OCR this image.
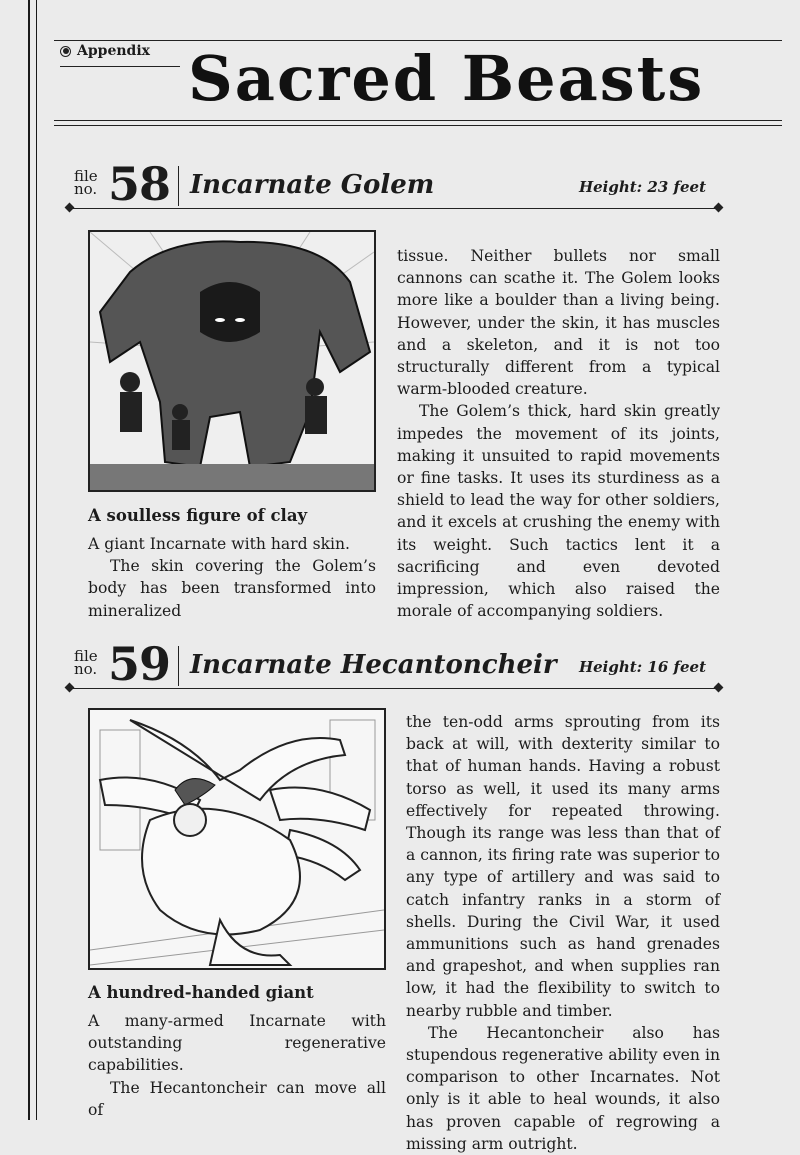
Appendix Sacred Beasts
file
no. 58 Incarnate Golem	Height: 23 feet
A soulless figure of clay

A giant Incarnate with hard skin.

The skin covering the Golem’s body has been transformed into mineralized

tissue. Neither bullets nor small cannons can scathe it. The Golem looks more like a boulder than a living being. However, under the skin, it has muscles and a skeleton, and it is not too structurally different from a typical warm-blooded creature.

The Golem’s thick, hard skin greatly impedes the movement of its joints, making it unsuited to rapid movements or fine tasks. It uses its sturdiness as a shield to lead the way for other soldiers, and it excels at crushing the enemy with its weight. Such tactics lent it a sacrificing and even devoted impression, which also raised the morale of accompanying soldiers.

file
no. 59 Incarnate Hecantoncheir Height: 16 feet
A hundred-handed giant

A many-armed Incarnate with outstanding regenerative capabilities.

The Hecantoncheir can move all of

the ten-odd arms sprouting from its back at will, with dexterity similar to that of human hands. Having a robust torso as well, it used its many arms effectively for repeated throwing. Though its range was less than that of a cannon, its firing rate was superior to any type of artillery and was said to catch infantry ranks in a storm of shells. During the Civil War, it used ammunitions such as hand grenades and grapeshot, and when supplies ran low, it had the flexibility to switch to nearby rubble and timber.

The Hecantoncheir also has stupendous regenerative ability even in comparison to other Incarnates. Not only is it able to heal wounds, it also has proven capable of regrowing a missing arm outright.
